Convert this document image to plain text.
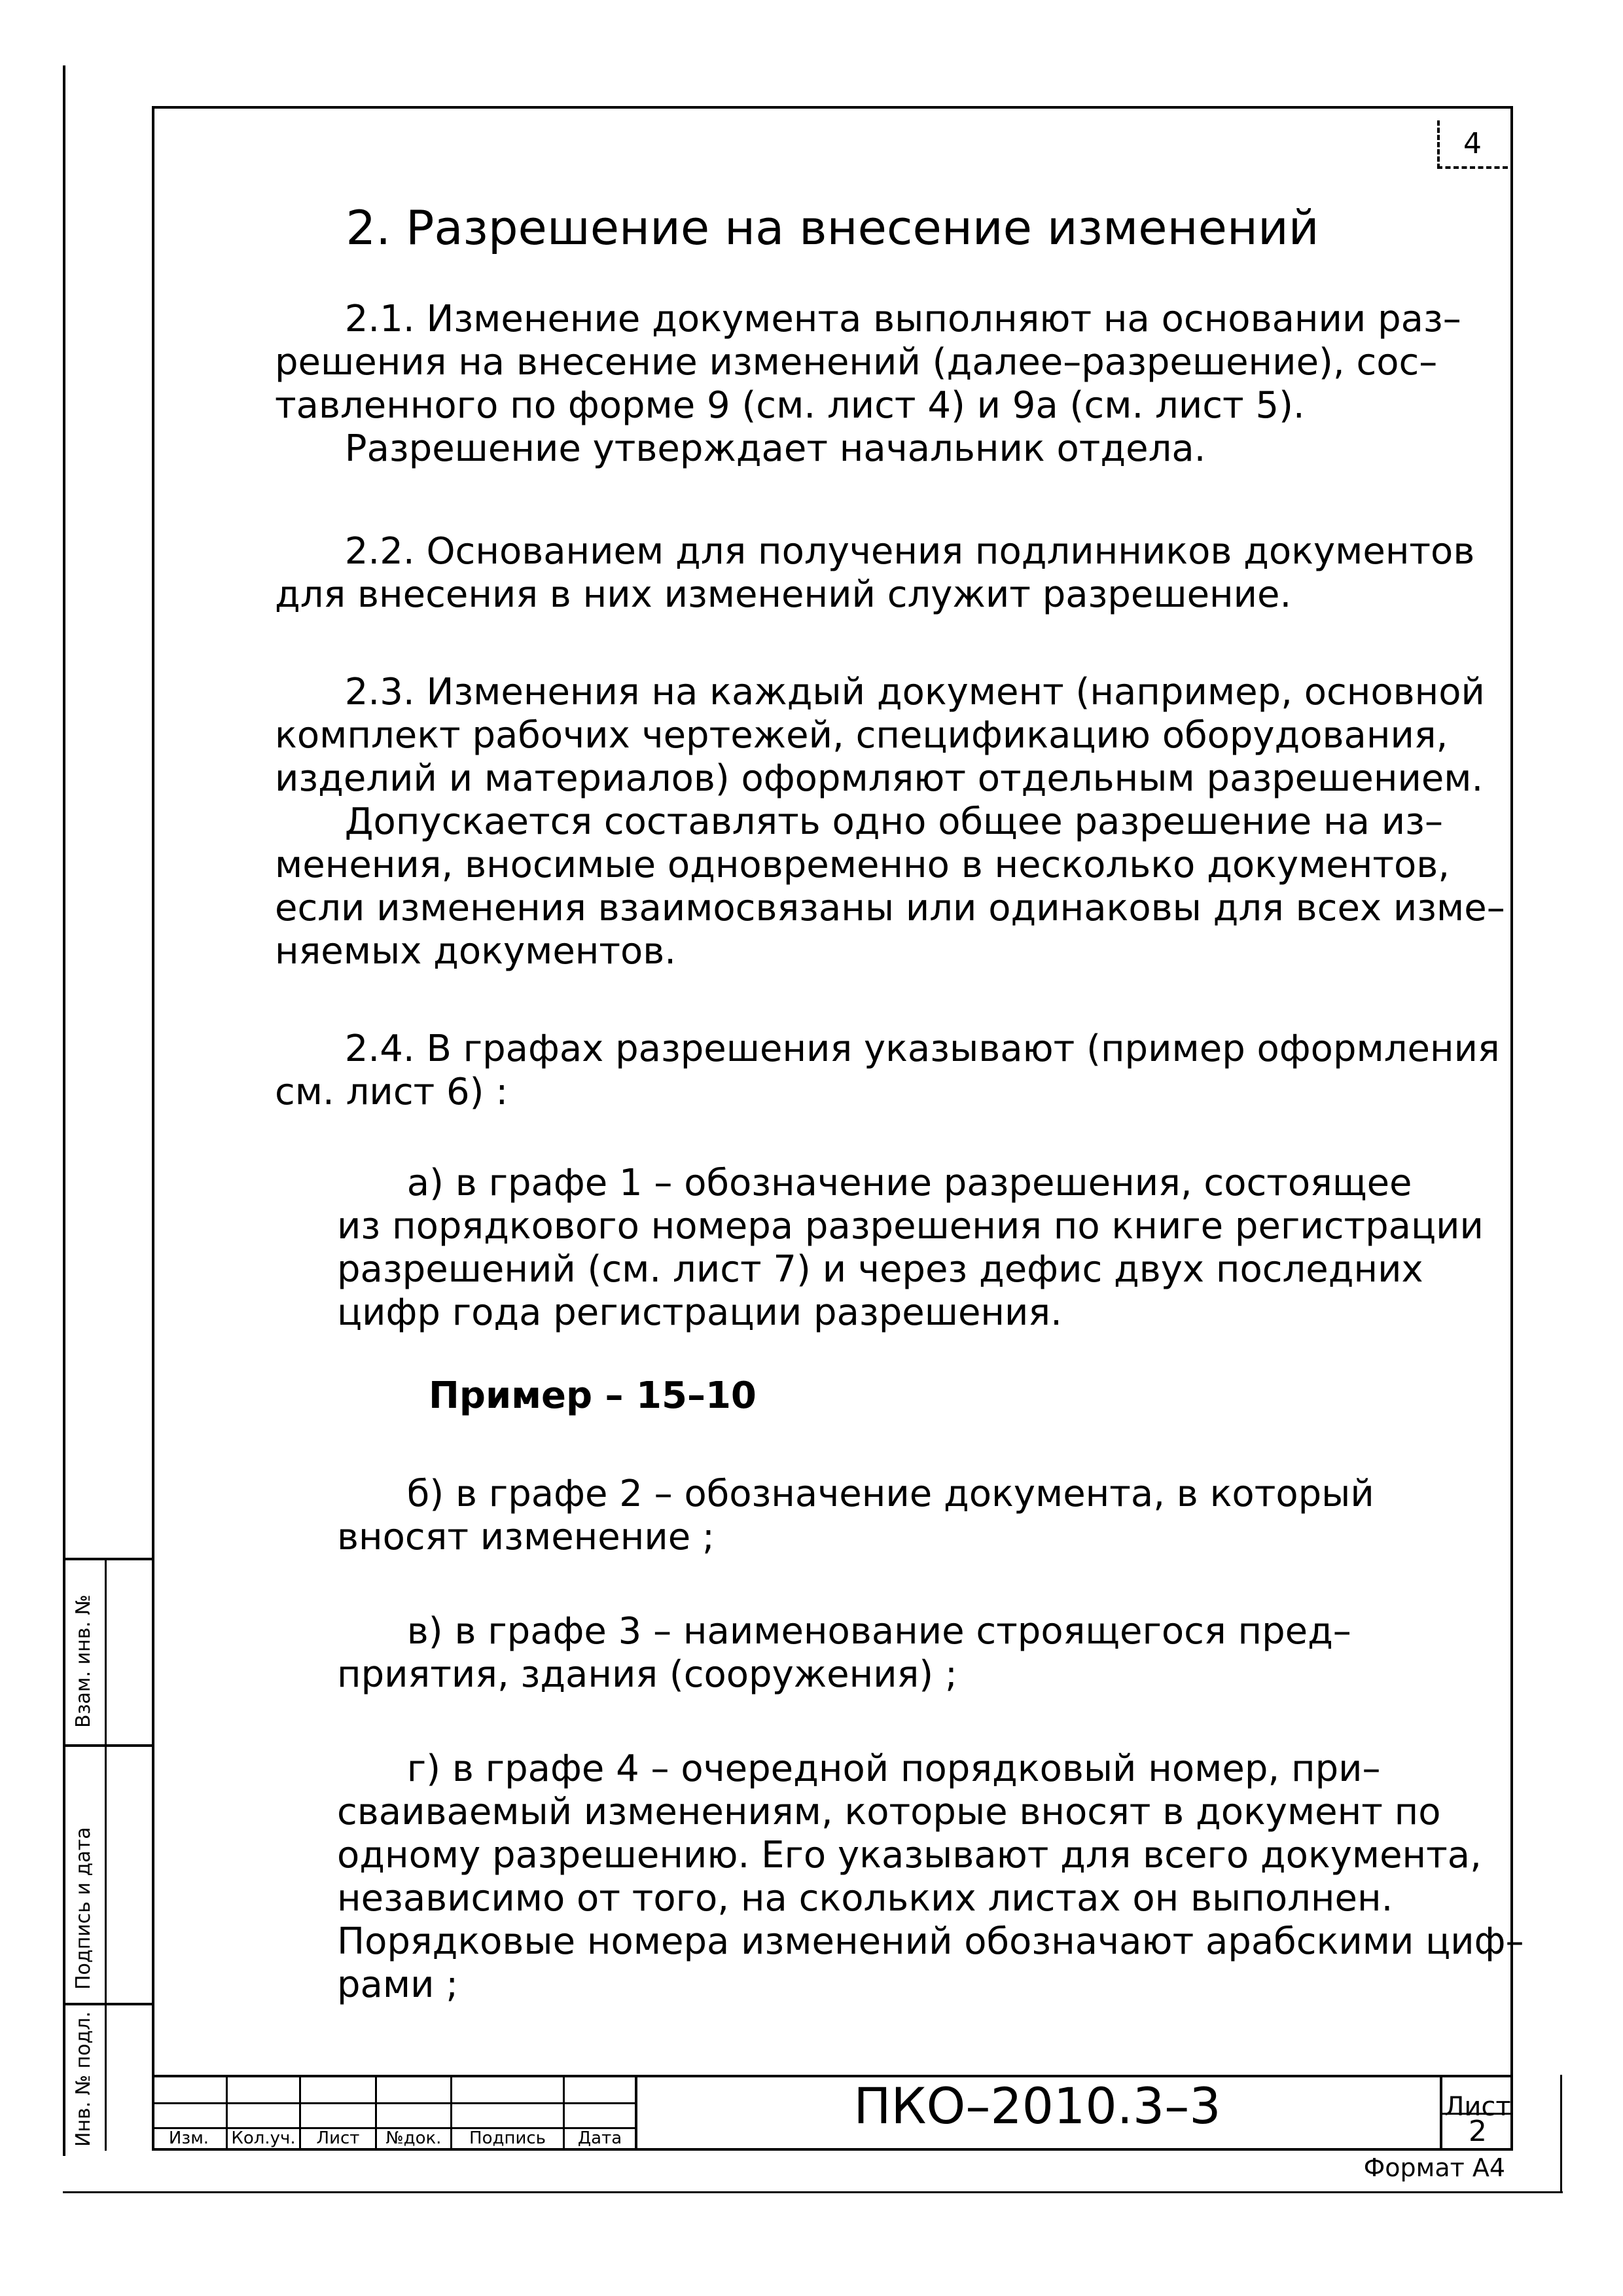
4
2. Разрешение на внесение изменений
2.1. Изменение документа выполняют на основании раз–
решения на внесение изменений (далее–разрешение), сос–
тавленного по форме 9 (см. лист 4) и 9а (см. лист 5).
Разрешение утверждает начальник отдела.
2.2. Основанием для получения подлинников документов
для внесения в них изменений служит разрешение.
2.3. Изменения на каждый документ (например, основной
комплект рабочих чертежей, спецификацию оборудования,
изделий и материалов) оформляют отдельным разрешением.
Допускается составлять одно общее разрешение на из–
менения, вносимые одновременно в несколько документов,
если изменения взаимосвязаны или одинаковы для всех изме–
няемых документов.
2.4. В графах разрешения указывают (пример оформления
см. лист 6) :
а) в графе 1 – обозначение разрешения, состоящее
из порядкового номера разрешения по книге регистрации
разрешений (см. лист 7) и через дефис двух последних
цифр года регистрации разрешения.
Пример – 15–10
б) в графе 2 – обозначение документа, в который
вносят изменение ;
в) в графе 3 – наименование строящегося пред–
приятия, здания (сооружения) ;
г) в графе 4 – очередной порядковый номер, при–
сваиваемый изменениям, которые вносят в документ по
одному разрешению. Его указывают для всего документа,
независимо от того, на скольких листах он выполнен.
Порядковые номера изменений обозначают арабскими циф–
рами ;
Взам. инв. №
Подпись и дата
Инв. № подл.	Изм.	Кол.уч.	Лист	№док.	Подпись	Дата
ПКО–2010.3–3	Лист
2
Формат А4
